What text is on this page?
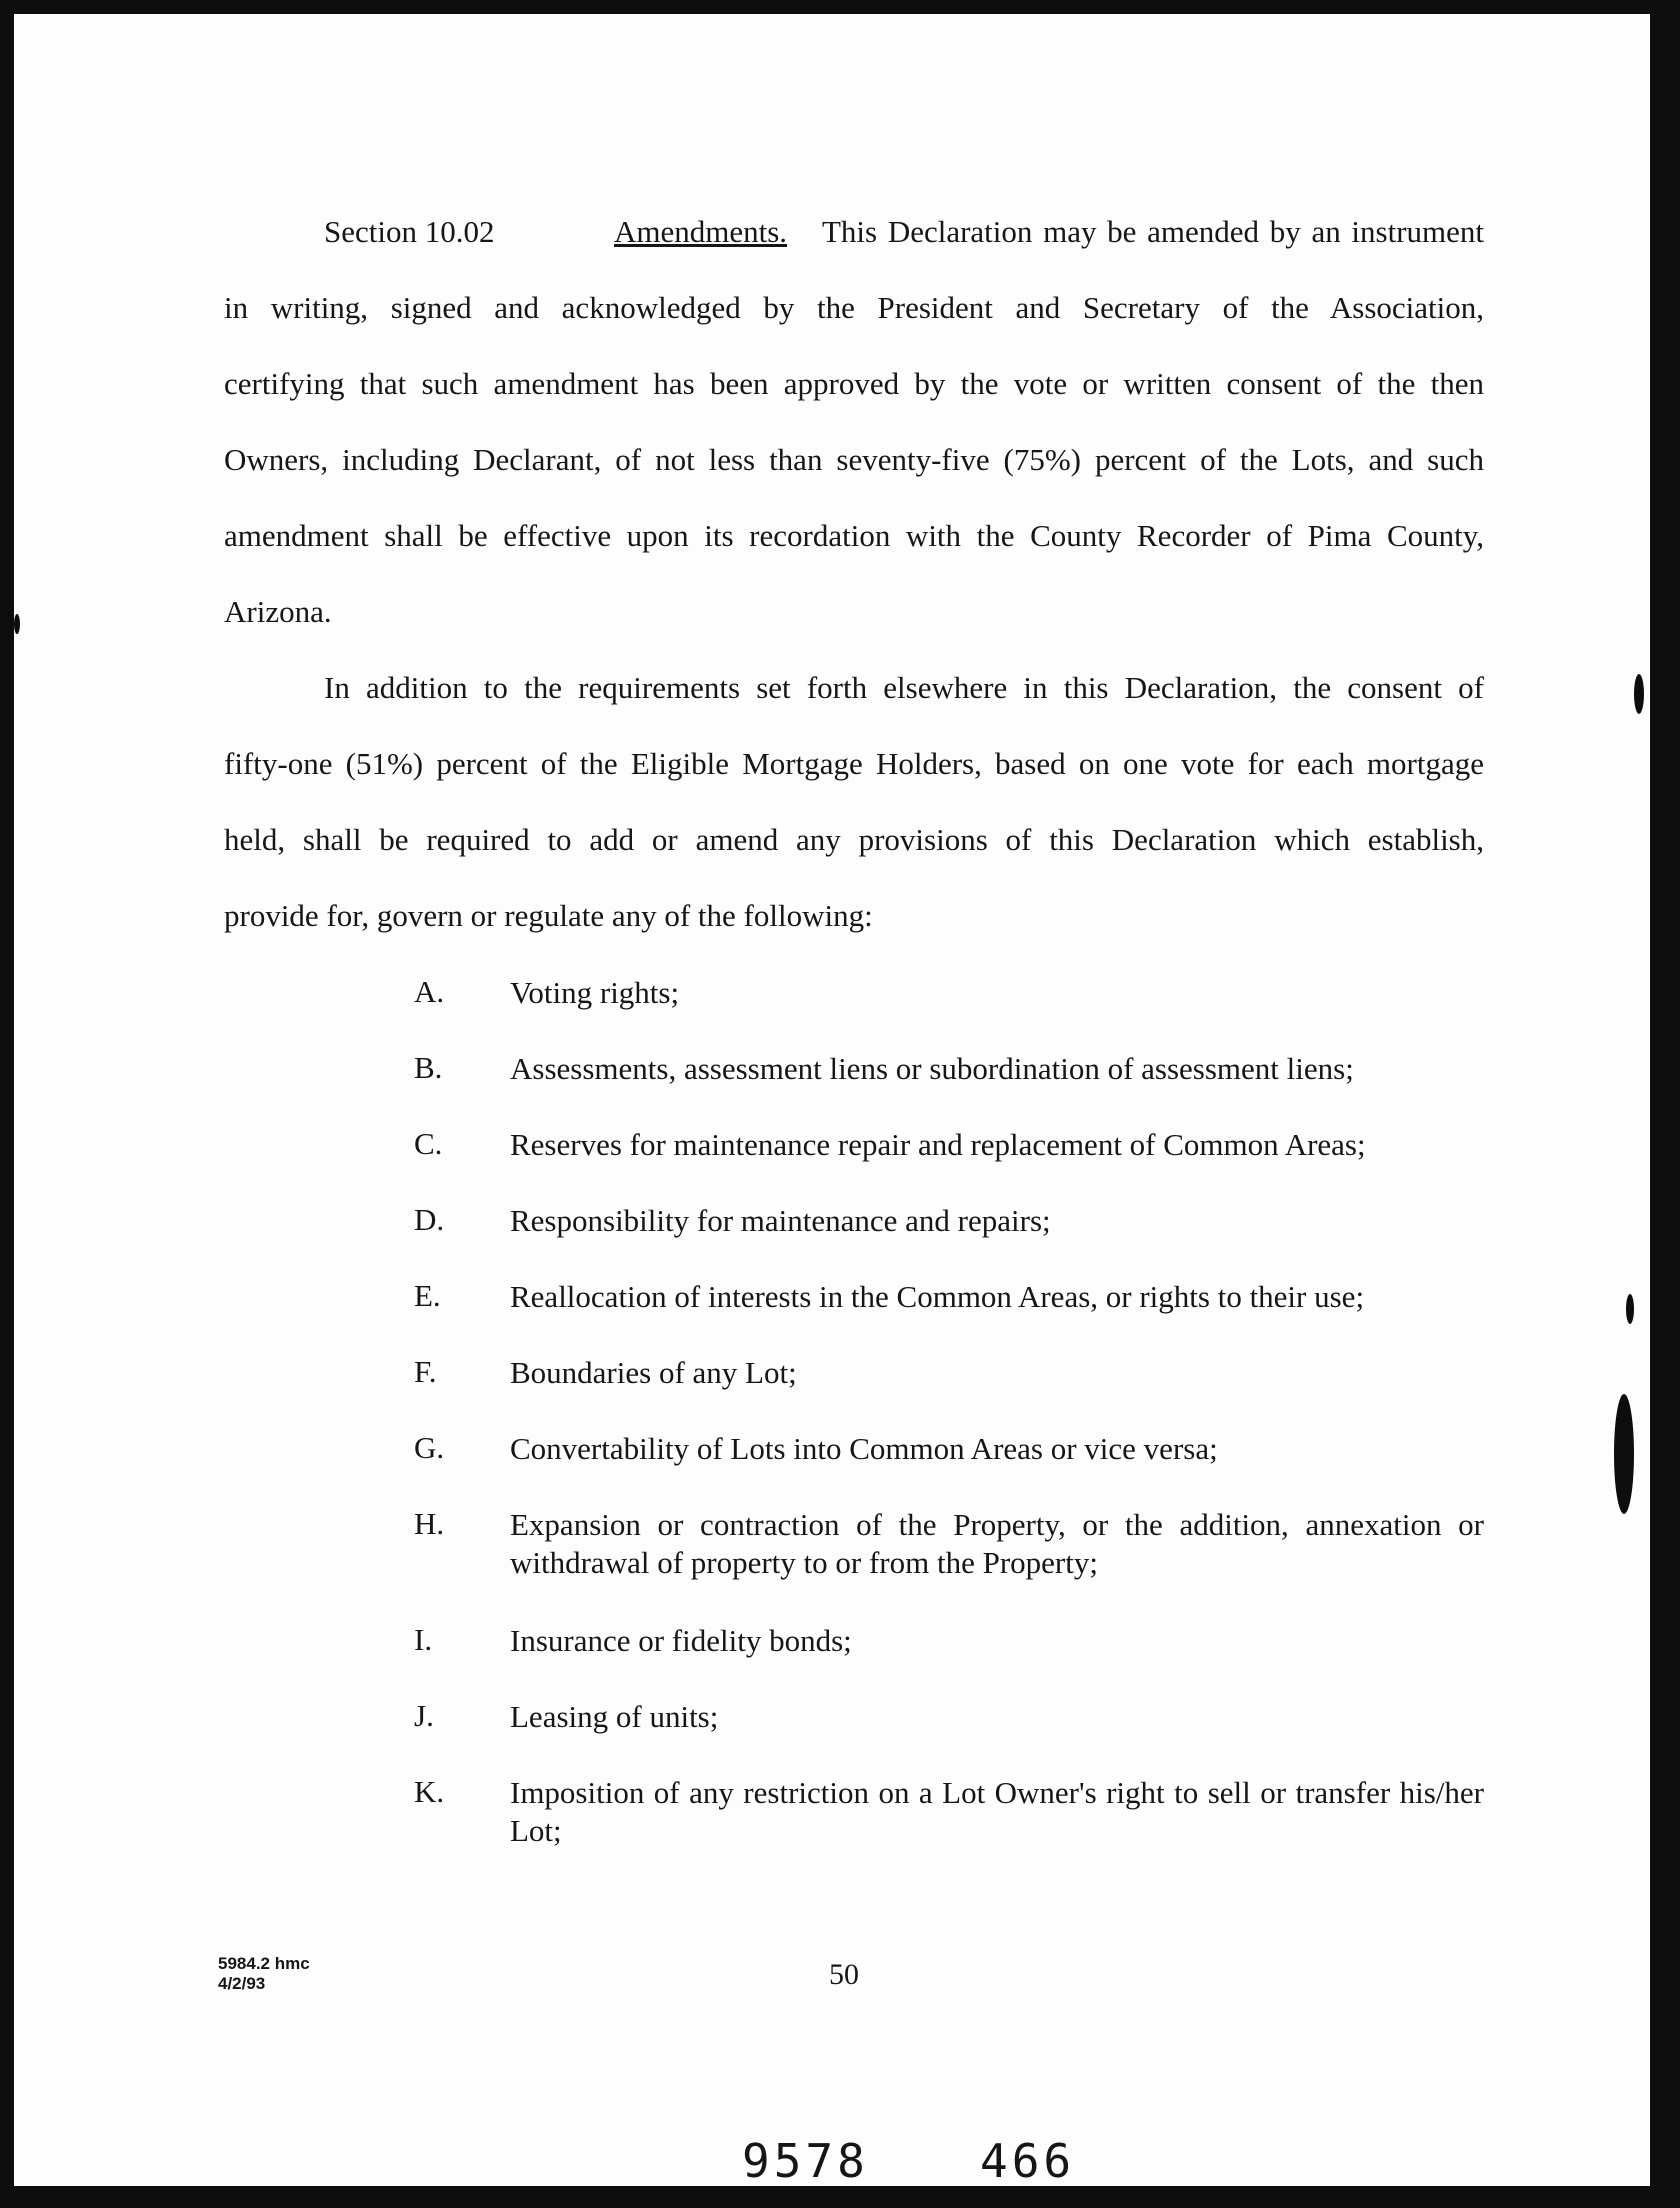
Section 10.02	Amendments. This Declaration may be amended by an instrument
in writing, signed and acknowledged by the President and Secretary of the Association,
certifying that such amendment has been approved by the vote or written consent of the then
Owners, including Declarant, of not less than seventy-five (75%) percent of the Lots, and such
amendment shall be effective upon its recordation with the County Recorder of Pima County,
Arizona.
In addition to the requirements set forth elsewhere in this Declaration, the consent of
fifty-one (51%) percent of the Eligible Mortgage Holders, based on one vote for each mortgage
held, shall be required to add or amend any provisions of this Declaration which establish,
provide for, govern or regulate any of the following:
A. Voting rights;
B. Assessments, assessment liens or subordination of assessment liens;
C. Reserves for maintenance repair and replacement of Common Areas;
D. Responsibility for maintenance and repairs;
E. Reallocation of interests in the Common Areas, or rights to their use;
F. Boundaries of any Lot;
G. Convertability of Lots into Common Areas or vice versa;
H. Expansion or contraction of the Property, or the addition, annexation or withdrawal of property to or from the Property;
I.	Insurance or fidelity bonds;
J. Leasing of units;
K. Imposition of any restriction on a Lot Owner's right to sell or transfer his/her Lot;
5984.2 hmc
4/2/93	50
9578 466
